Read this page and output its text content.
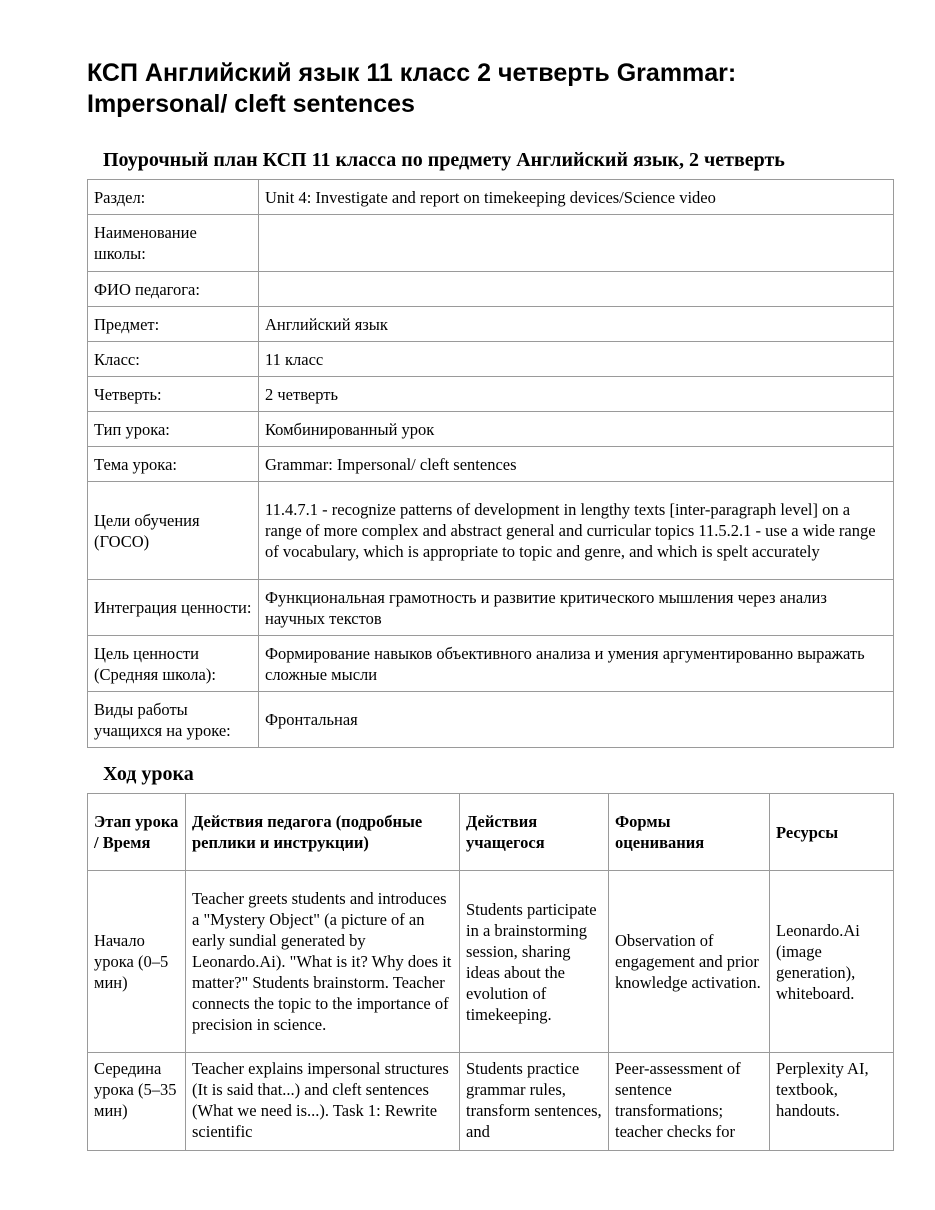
КСП Английский язык 11 класс 2 четверть Grammar: Impersonal/ cleft sentences
Поурочный план КСП 11 класса по предмету Английский язык, 2 четверть
Раздел:	Unit 4: Investigate and report on timekeeping devices/Science video
Наименование школы:	
ФИО педагога:	
Предмет:	Английский язык
Класс:	11 класс
Четверть:	2 четверть
Тип урока:	Комбинированный урок
Тема урока:	Grammar: Impersonal/ cleft sentences
Цели обучения (ГОСО)	11.4.7.1 - recognize patterns of development in lengthy texts [inter-paragraph level] on a range of more complex and abstract general and curricular topics 11.5.2.1 - use a wide range of vocabulary, which is appropriate to topic and genre, and which is spelt accurately
Интеграция ценности:	Функциональная грамотность и развитие критического мышления через анализ научных текстов
Цель ценности (Средняя школа):	Формирование навыков объективного анализа и умения аргументированно выражать сложные мысли
Виды работы учащихся на уроке:	Фронтальная
Ход урока
Этап урока / Время	Действия педагога (подробные реплики и инструкции)	Действия учащегося	Формы оценивания	Ресурсы
Начало урока (0–5 мин)	Teacher greets students and introduces a "Mystery Object" (a picture of an early sundial generated by Leonardo.Ai). "What is it? Why does it matter?" Students brainstorm. Teacher connects the topic to the importance of precision in science.	Students participate in a brainstorming session, sharing ideas about the evolution of timekeeping.	Observation of engagement and prior knowledge activation.	Leonardo.Ai (image generation), whiteboard.
Середина урока (5–35 мин)	Teacher explains impersonal structures (It is said that...) and cleft sentences (What we need is...). Task 1: Rewrite scientific	Students practice grammar rules, transform sentences, and	Peer-assessment of sentence transformations; teacher checks for	Perplexity AI, textbook, handouts.
